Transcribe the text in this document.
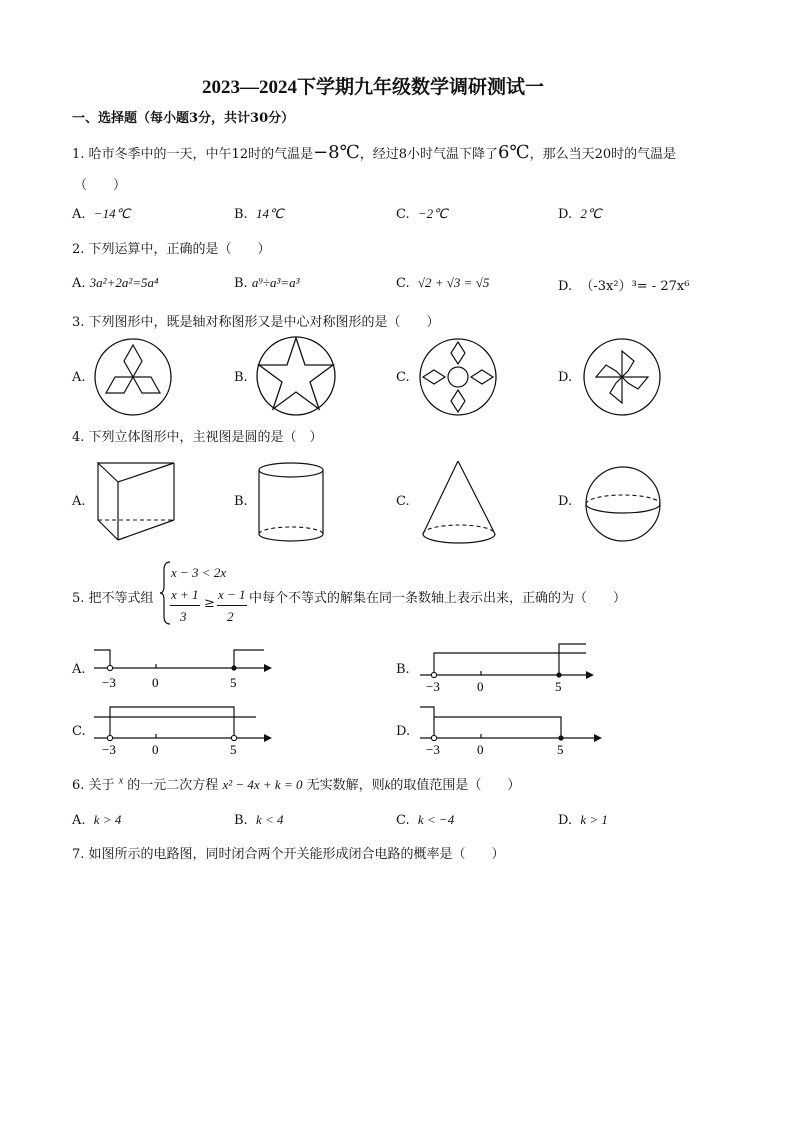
2023—2024下学期九年级数学调研测试一
一、选择题（每小题3分，共计30分）
1. 哈市冬季中的一天，中午12时的气温是−8℃，经过8小时气温下降了6℃，那么当天20时的气温是
（　　）
A. −14℃	B. 14℃	C. −2℃	D. 2℃
2. 下列运算中，正确的是（　　）
A. 3a²+2a²=5a⁴	B. a⁹÷a³=a³	C. √2 + √3 = √5	D. （-3x²）³= - 27x⁶
3. 下列图形中，既是轴对称图形又是中心对称图形的是（　　）
A.	B.	C.	D.
4. 下列立体图形中，主视图是圆的是（　）
A.	B.	C.	D.
5. 把不等式组
x − 3 < 2x
x + 1
3
≥
x − 1
2
中每个不等式的解集在同一条数轴上表示出来，正确的为（　　）
A.
−3	0	5
B.
−3	0	5
C.
−3	0	5
D.
−3	0	5
6. 关于 $^x$ 的一元二次方程 x² − 4x + k = 0 无实数解，则k的取值范围是（　　）
A. k > 4	B. k < 4	C. k < −4	D. k > 1
7. 如图所示的电路图，同时闭合两个开关能形成闭合电路的概率是（　　）
